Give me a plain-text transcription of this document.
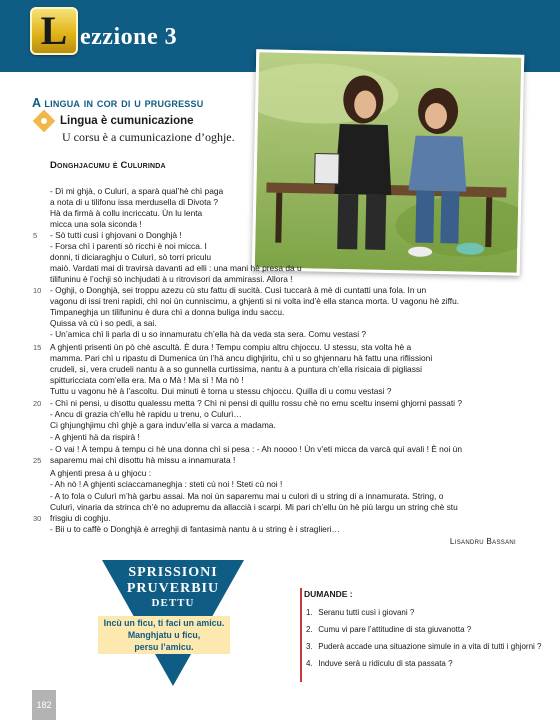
L ezzione 3
A lingua in cor di u prugressu
Lingua è cumunicazione
U corsu è a cumunicazione d’oghje.
Donghjacumu è Culurinda
- Dì mi ghjà, o Culurì, a sparà qual’hè chì paga
a nota di u tilifonu issa merdusella di Divota ?
Hà da firmà à collu incriccatu. Ùn lu lenta
micca una sola siconda !
- Sò tutti cusì i ghjovani o Donghjà !
- Forsa chì i parenti sò ricchi è noi micca. I
donni, ti diciaraghju o Culurì, sò torri priculu
maiò. Vardati mai di travirsà davanti ad elli : una mani hè presa da u
tilifuninu è l’ochji sò inchjudati à u ritrovisori da ammirassi. Allora !
- Oghji, o Donghjà, sei troppu azezu cù stu fattu di sucità. Cusì tuccarà à mè di cuntatti una fola. In un
vagonu di issi treni rapidi, chì noi ùn cunniscimu, a ghjenti si ni volta ind’è ella stanca morta. U vagonu hè ziffu.
Timpaneghja un tilifuninu è dura chì a donna buliga indu saccu.
Quissa và cù i so pedi, a sai.
- Un’amica chì li parla di u so innamuratu ch’ella hà da veda sta sera. Comu vestasi ?
A ghjenti prisenti ùn pò chè ascultà. È dura ! Tempu compiu altru chjoccu. U stessu, sta volta hè a
mamma. Pari chì u ripastu di Dumenica ùn l’hà ancu dighjiritu, chì u so ghjennaru hà fattu una riflissioni
crudeli, sì, vera crudeli nantu à a so gunnella curtissima, nantu à a puntura ch’ella risicaia di pigliassi
spitturicciata com’ella era. Ma o Mà ! Ma sì ! Ma nò !
Tuttu u vagonu hè à l’ascoltu. Dui minuti è torna u stessu chjoccu. Quilla di u comu vestasi ?
- Chì ni pensi, u disottu qualessu metta ? Chì ni pensi di quillu rossu chè no emu sceltu insemi ghjorni passati ?
- Ancu di grazia ch’ellu hè rapidu u trenu, o Culurì…
Ci ghjunghjimu chì ghjè a gara induv’ella si varca a madama.
- A ghjenti hà da rispirà !
- O vai ! À tempu à tempu ci hè una donna chì si pesa : - Ah noooo ! Ùn v’eti micca da varcà quì avali ! È noi ùn
saparemu mai chì disottu hà missu a innamurata !
A ghjenti presa à u ghjocu :
- Ah nò ! A ghjenti sciaccamaneghja : steti cù noi ! Steti cù noi !
- A to fola o Culurì m’hà garbu assai. Ma noi ùn saparemu mai u culori di u string di a innamurata. String, o
Culurì, vinaria da strinca ch’è no adupremu da allaccià i scarpi. Mi pari ch’ellu ùn hè più largu un string chè stu
frisgiu di coghju.
- Bii u to caffè o Donghjà è arreghji di fantasimà nantu à u string è i straglieri…
5
10
15
20
25
30
Lisandru Bassani
SPRISSIONI
PRUVERBIU
DETTU
Incù un ficu, ti faci un amicu.
Manghjatu u ficu,
persu l’amicu.
DUMANDE :
1. Seranu tutti cusì i giovani ?
2. Cumu vi pare l’attitudine di sta giuvanotta ?
3. Puderà accade una situazione simule in a vita di tutti i ghjorni ?
4. Induve serà u ridiculu di sta passata ?
182
